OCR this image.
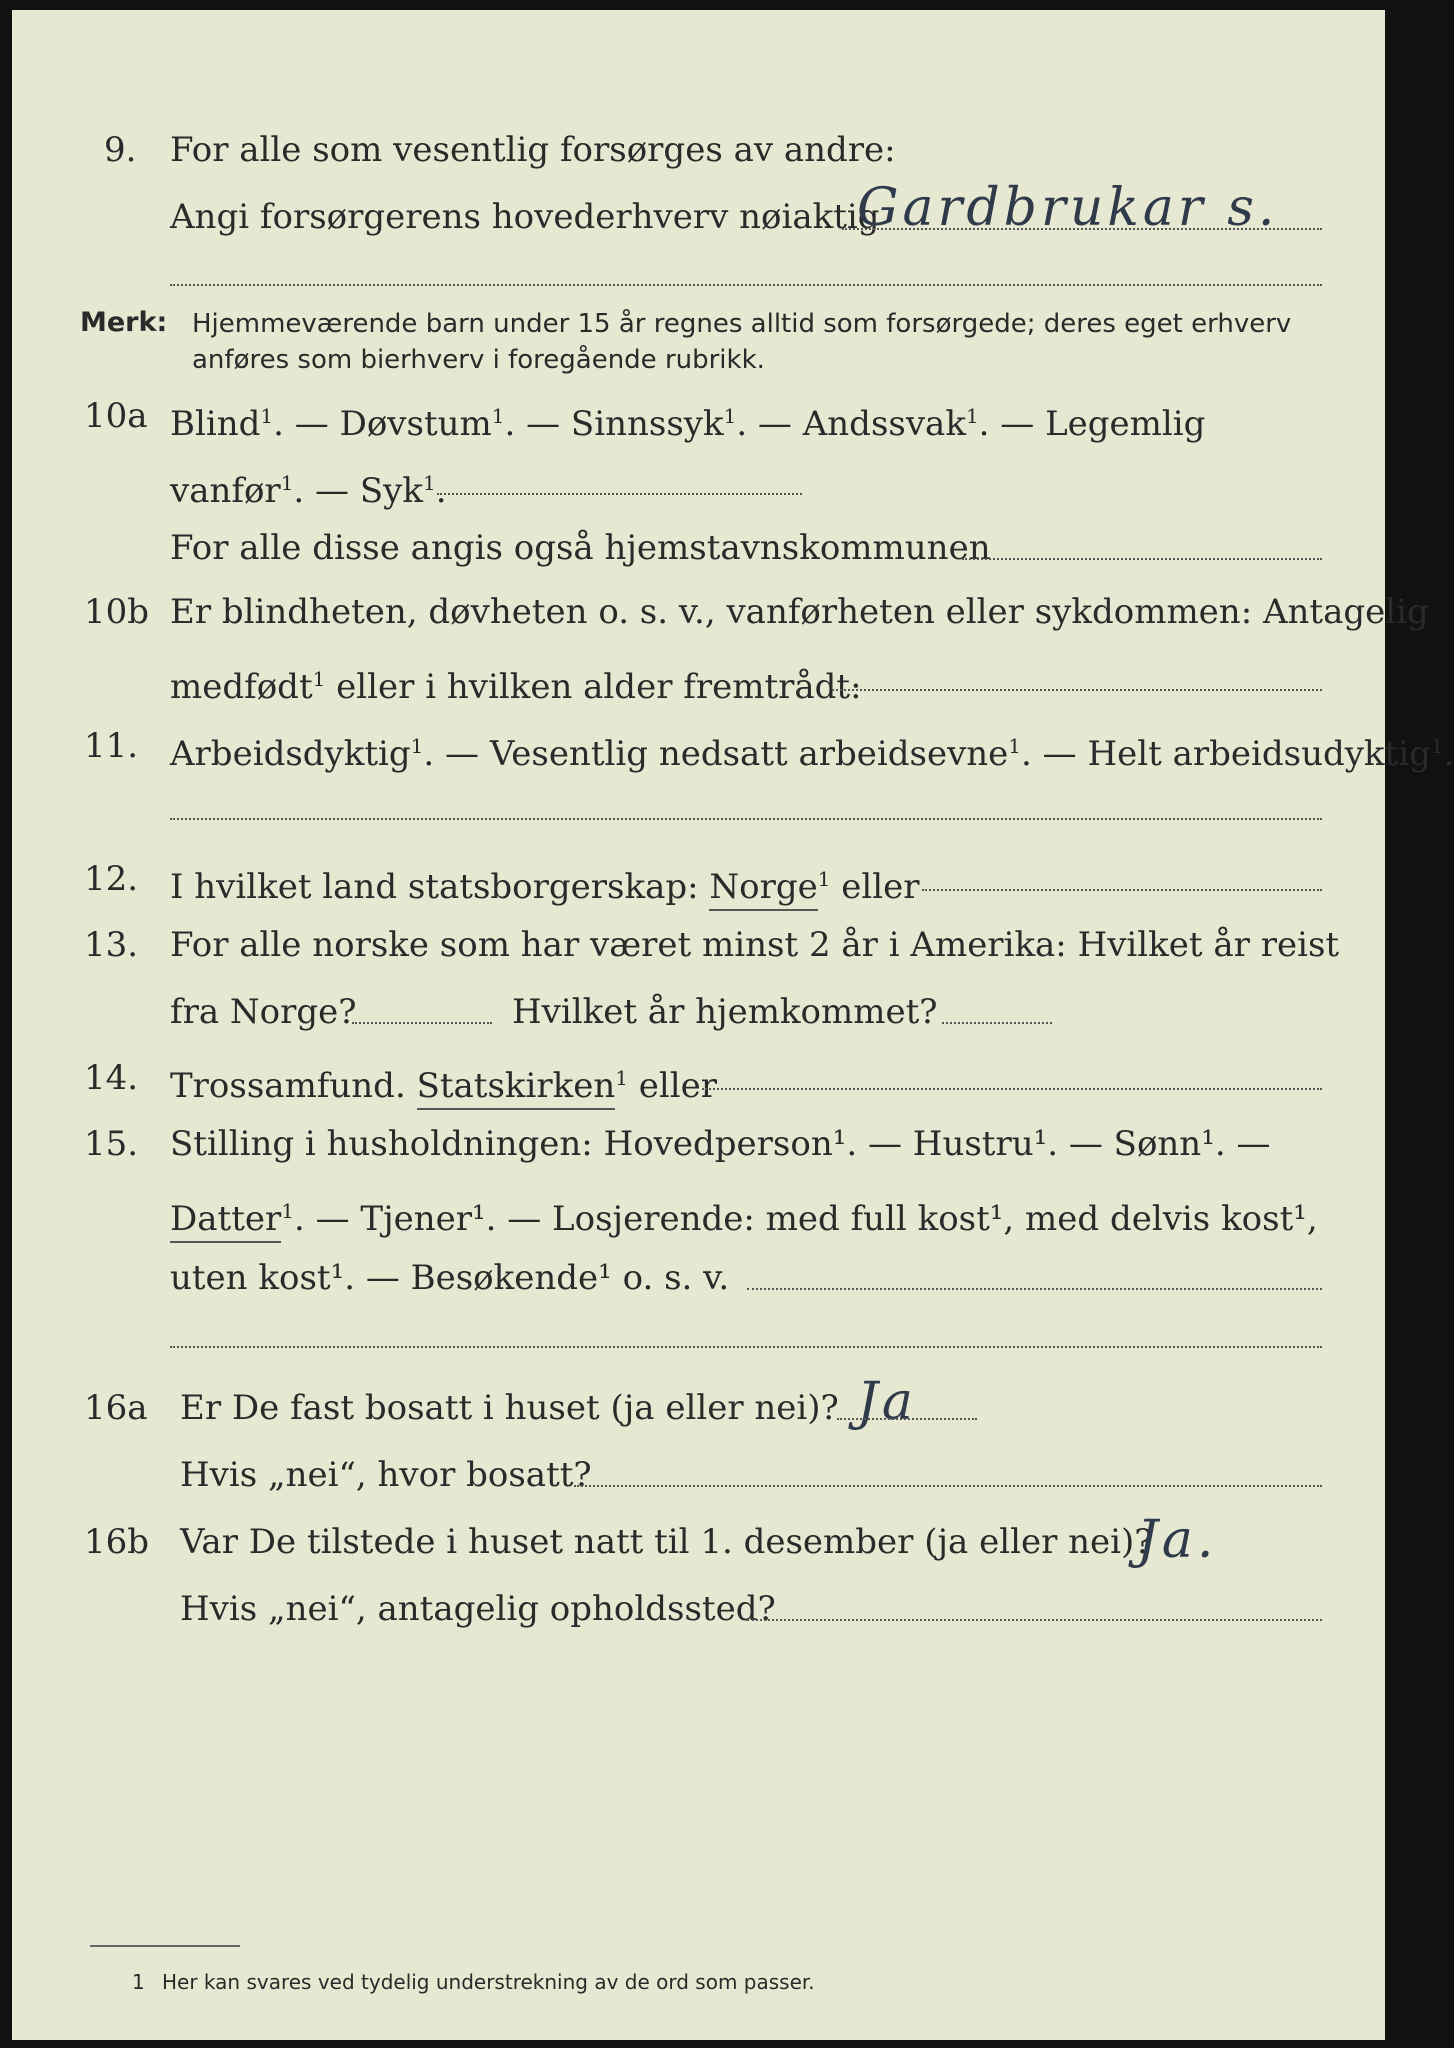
9. For alle som vesentlig forsørges av andre:
Angi forsørgerens hovederhverv nøiaktig
Gardbrukar s.
Merk: Hjemmeværende barn under 15 år regnes alltid som forsørgede; deres eget erhverv
anføres som bierhverv i foregående rubrikk.
10a Blind$^1$. — Døvstum$^1$. — Sinnssyk$^1$. — Andssvak$^1$. — Legemlig
vanfør$^1$. — Syk$^1$.
For alle disse angis også hjemstavnskommunen
10b Er blindheten, døvheten o. s. v., vanførheten eller sykdommen: Antagelig
medfødt$^1$ eller i hvilken alder fremtrådt:
11. Arbeidsdyktig$^1$. — Vesentlig nedsatt arbeidsevne$^1$. — Helt arbeidsudyktig$^1$.
12. I hvilket land statsborgerskap: Norge$^1$ eller
13. For alle norske som har været minst 2 år i Amerika: Hvilket år reist
fra Norge?	Hvilket år hjemkommet?
14. Trossamfund. Statskirken$^1$ eller
15. Stilling i husholdningen: Hovedperson¹. — Hustru¹. — Sønn¹. —
Datter$^1$. — Tjener¹. — Losjerende: med full kost¹, med delvis kost¹,
uten kost¹. — Besøkende¹ o. s. v.
16a Er De fast bosatt i huset (ja eller nei)? Ja
Hvis „nei“, hvor bosatt?
16b Var De tilstede i huset natt til 1. desember (ja eller nei)?
Ja.
Hvis „nei“, antagelig opholdssted?
1 Her kan svares ved tydelig understrekning av de ord som passer.
